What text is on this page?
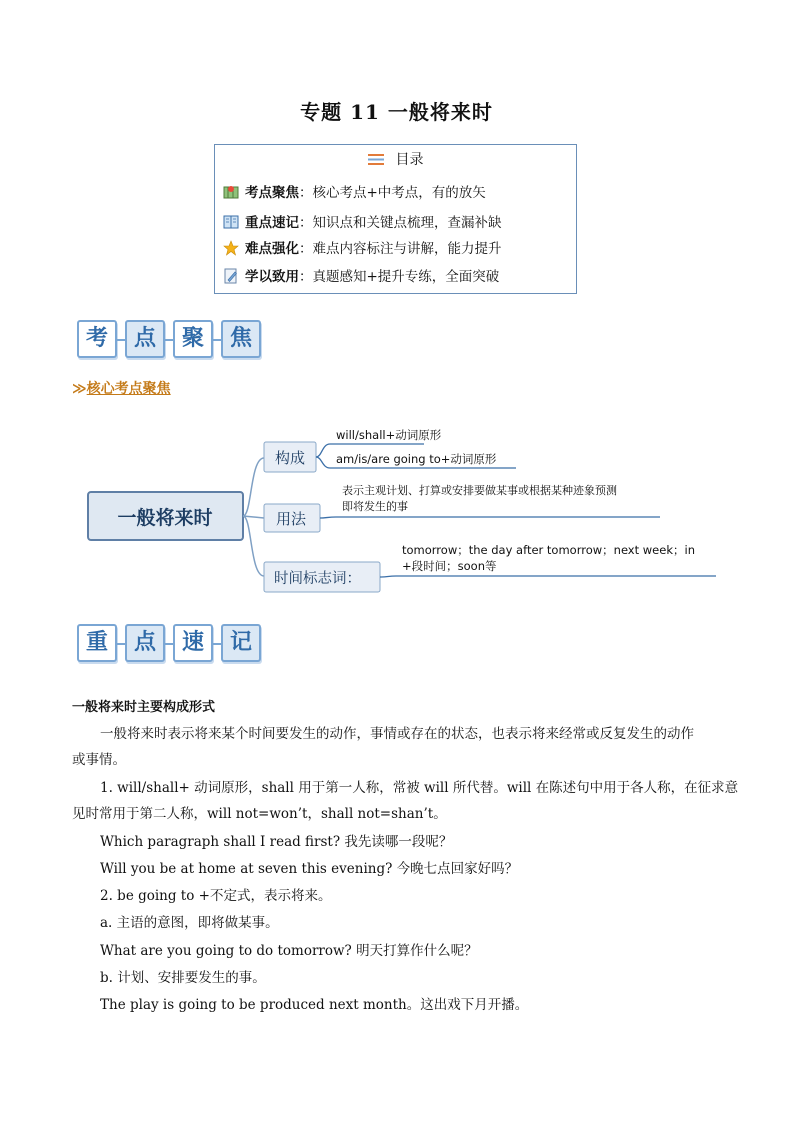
专题 11 一般将来时
目录
考点聚焦：核心考点+中考点，有的放矢
重点速记：知识点和关键点梳理，查漏补缺
难点强化：难点内容标注与讲解，能力提升
学以致用：真题感知+提升专练，全面突破
考	点	聚	焦
≫核心考点聚焦
一般将来时
构成
will/shall+动词原形
am/is/are going to+动词原形
用法
表示主观计划、打算或安排要做某事或根据某种迹象预测
即将发生的事
时间标志词：
tomorrow；the day after tomorrow；next week；in
+段时间；soon等
重	点	速	记
一般将来时主要构成形式
一般将来时表示将来某个时间要发生的动作，事情或存在的状态，也表示将来经常或反复发生的动作
或事情。
1. will/shall+ 动词原形，shall 用于第一人称，常被 will 所代替。will 在陈述句中用于各人称，在征求意
见时常用于第二人称，will not=won’t，shall not=shan’t。
Which paragraph shall I read first? 我先读哪一段呢？
Will you be at home at seven this evening? 今晚七点回家好吗？
2. be going to +不定式，表示将来。
a. 主语的意图，即将做某事。
What are you going to do tomorrow? 明天打算作什么呢？
b. 计划、安排要发生的事。
The play is going to be produced next month。这出戏下月开播。
